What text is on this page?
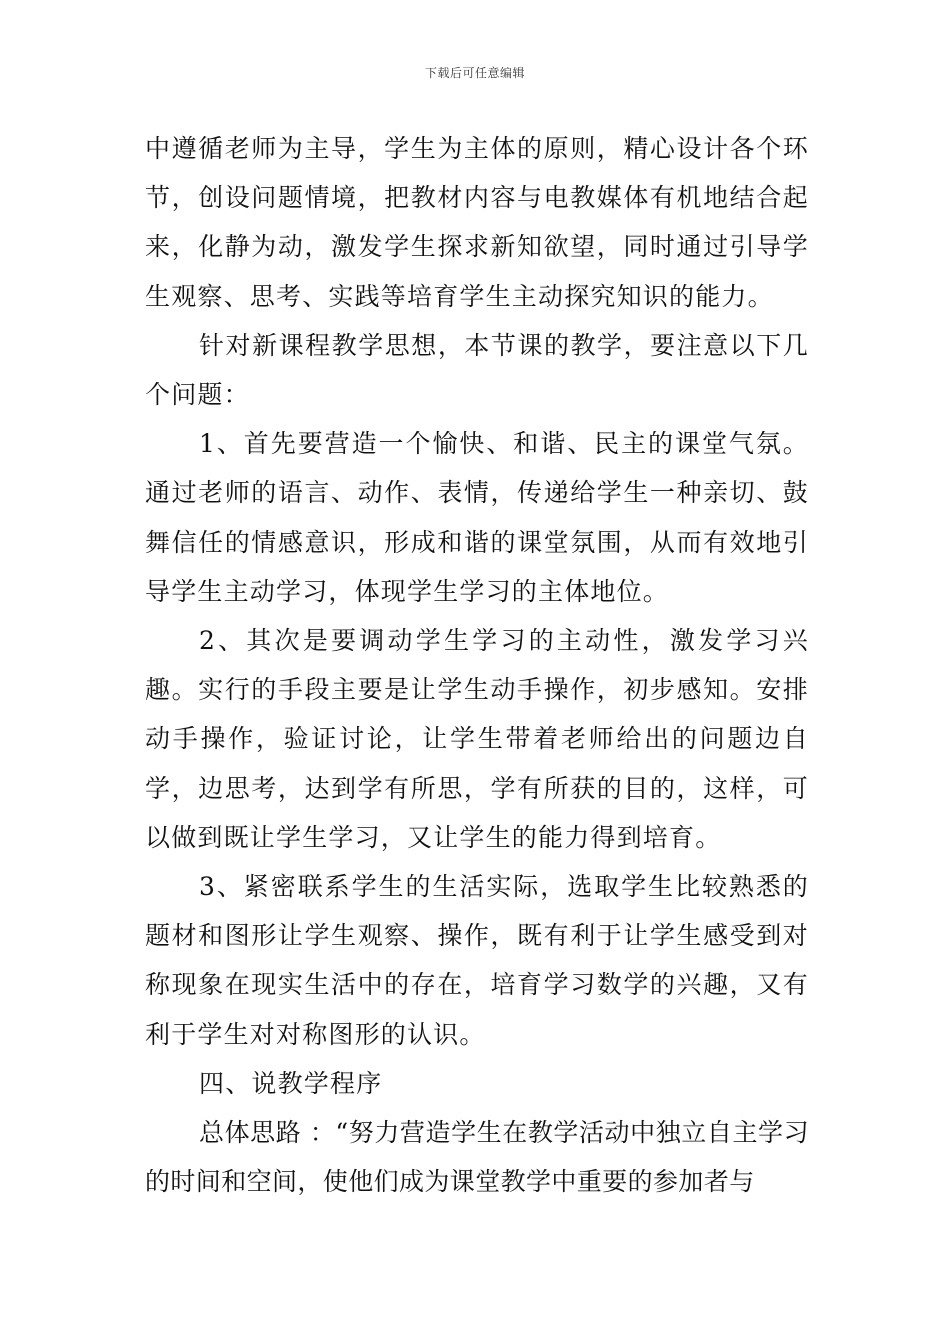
下载后可任意编辑

中遵循老师为主导，学生为主体的原则，精心设计各个环节，创设问题情境，把教材内容与电教媒体有机地结合起来，化静为动，激发学生探求新知欲望，同时通过引导学生观察、思考、实践等培育学生主动探究知识的能力。

针对新课程教学思想，本节课的教学，要注意以下几个问题：

1、首先要营造一个愉快、和谐、民主的课堂气氛。通过老师的语言、动作、表情，传递给学生一种亲切、鼓舞信任的情感意识，形成和谐的课堂氛围，从而有效地引导学生主动学习，体现学生学习的主体地位。

2、其次是要调动学生学习的主动性，激发学习兴趣。实行的手段主要是让学生动手操作，初步感知。安排动手操作，验证讨论，让学生带着老师给出的问题边自学，边思考，达到学有所思，学有所获的目的，这样，可以做到既让学生学习，又让学生的能力得到培育。

3、紧密联系学生的生活实际，选取学生比较熟悉的题材和图形让学生观察、操作，既有利于让学生感受到对称现象在现实生活中的存在，培育学习数学的兴趣，又有利于学生对对称图形的认识。

四、说教学程序

总体思路 ：“努力营造学生在教学活动中独立自主学习的时间和空间，使他们成为课堂教学中重要的参加者与
